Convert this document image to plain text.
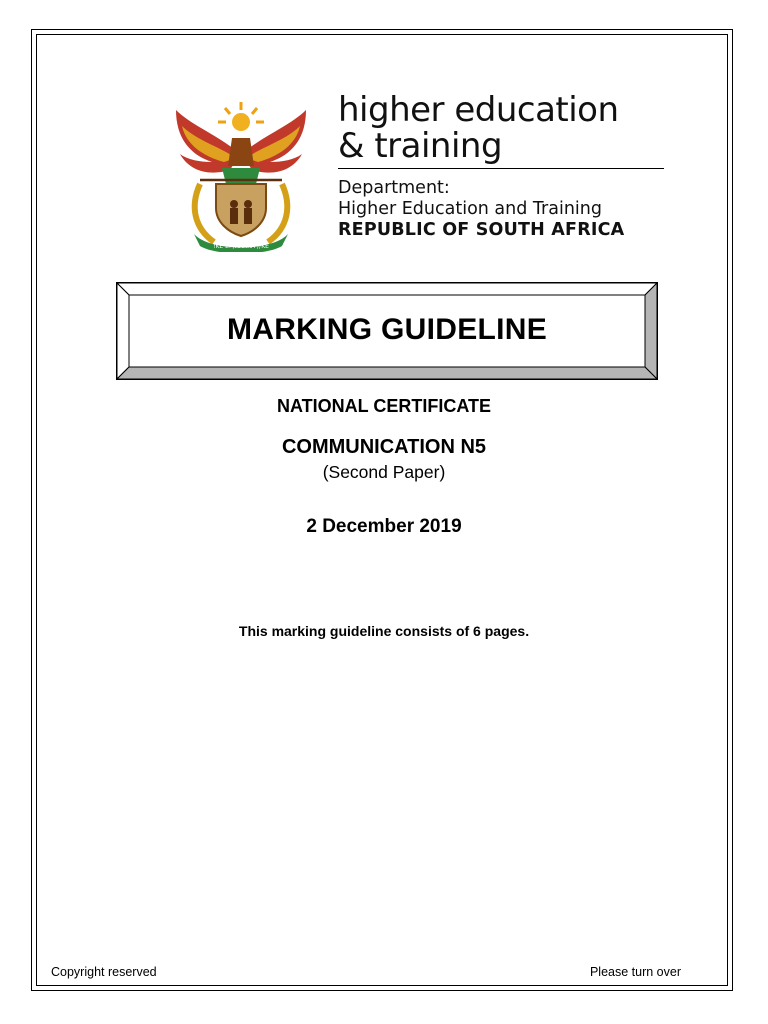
!KE E: /XARRA //KE
higher education
& training
Department:
Higher Education and Training
REPUBLIC OF SOUTH AFRICA
MARKING GUIDELINE
NATIONAL CERTIFICATE
COMMUNICATION N5
(Second Paper)
2 December 2019
This marking guideline consists of 6 pages.
Copyright reserved	Please turn over
